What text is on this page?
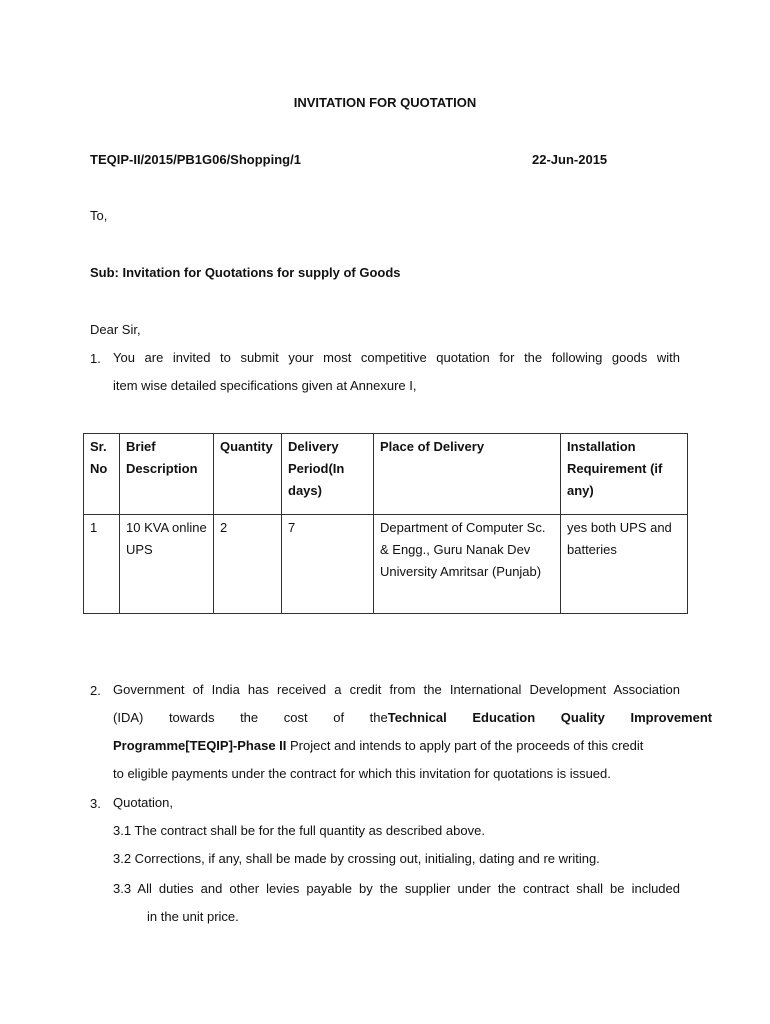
INVITATION FOR QUOTATION
TEQIP-II/2015/PB1G06/Shopping/1	22-Jun-2015
To,
Sub: Invitation for Quotations for supply of Goods
Dear Sir,
1. You are invited to submit your most competitive quotation for the following goods with
item wise detailed specifications given at Annexure I,
Sr. No	Brief Description	Quantity	Delivery Period(In days)	Place of Delivery	Installation Requirement (if any)
1	10 KVA online UPS	2	7	Department of Computer Sc. & Engg., Guru Nanak Dev University Amritsar (Punjab)	yes both UPS and batteries
2. Government of India has received a credit from the International Development Association
(IDA) towards the cost of the Technical Education Quality Improvement
Programme[TEQIP]-Phase II Project and intends to apply part of the proceeds of this credit
to eligible payments under the contract for which this invitation for quotations is issued.
3. Quotation,
3.1 The contract shall be for the full quantity as described above.
3.2 Corrections, if any, shall be made by crossing out, initialing, dating and re writing.
3.3 All duties and other levies payable by the supplier under the contract shall be included
in the unit price.
